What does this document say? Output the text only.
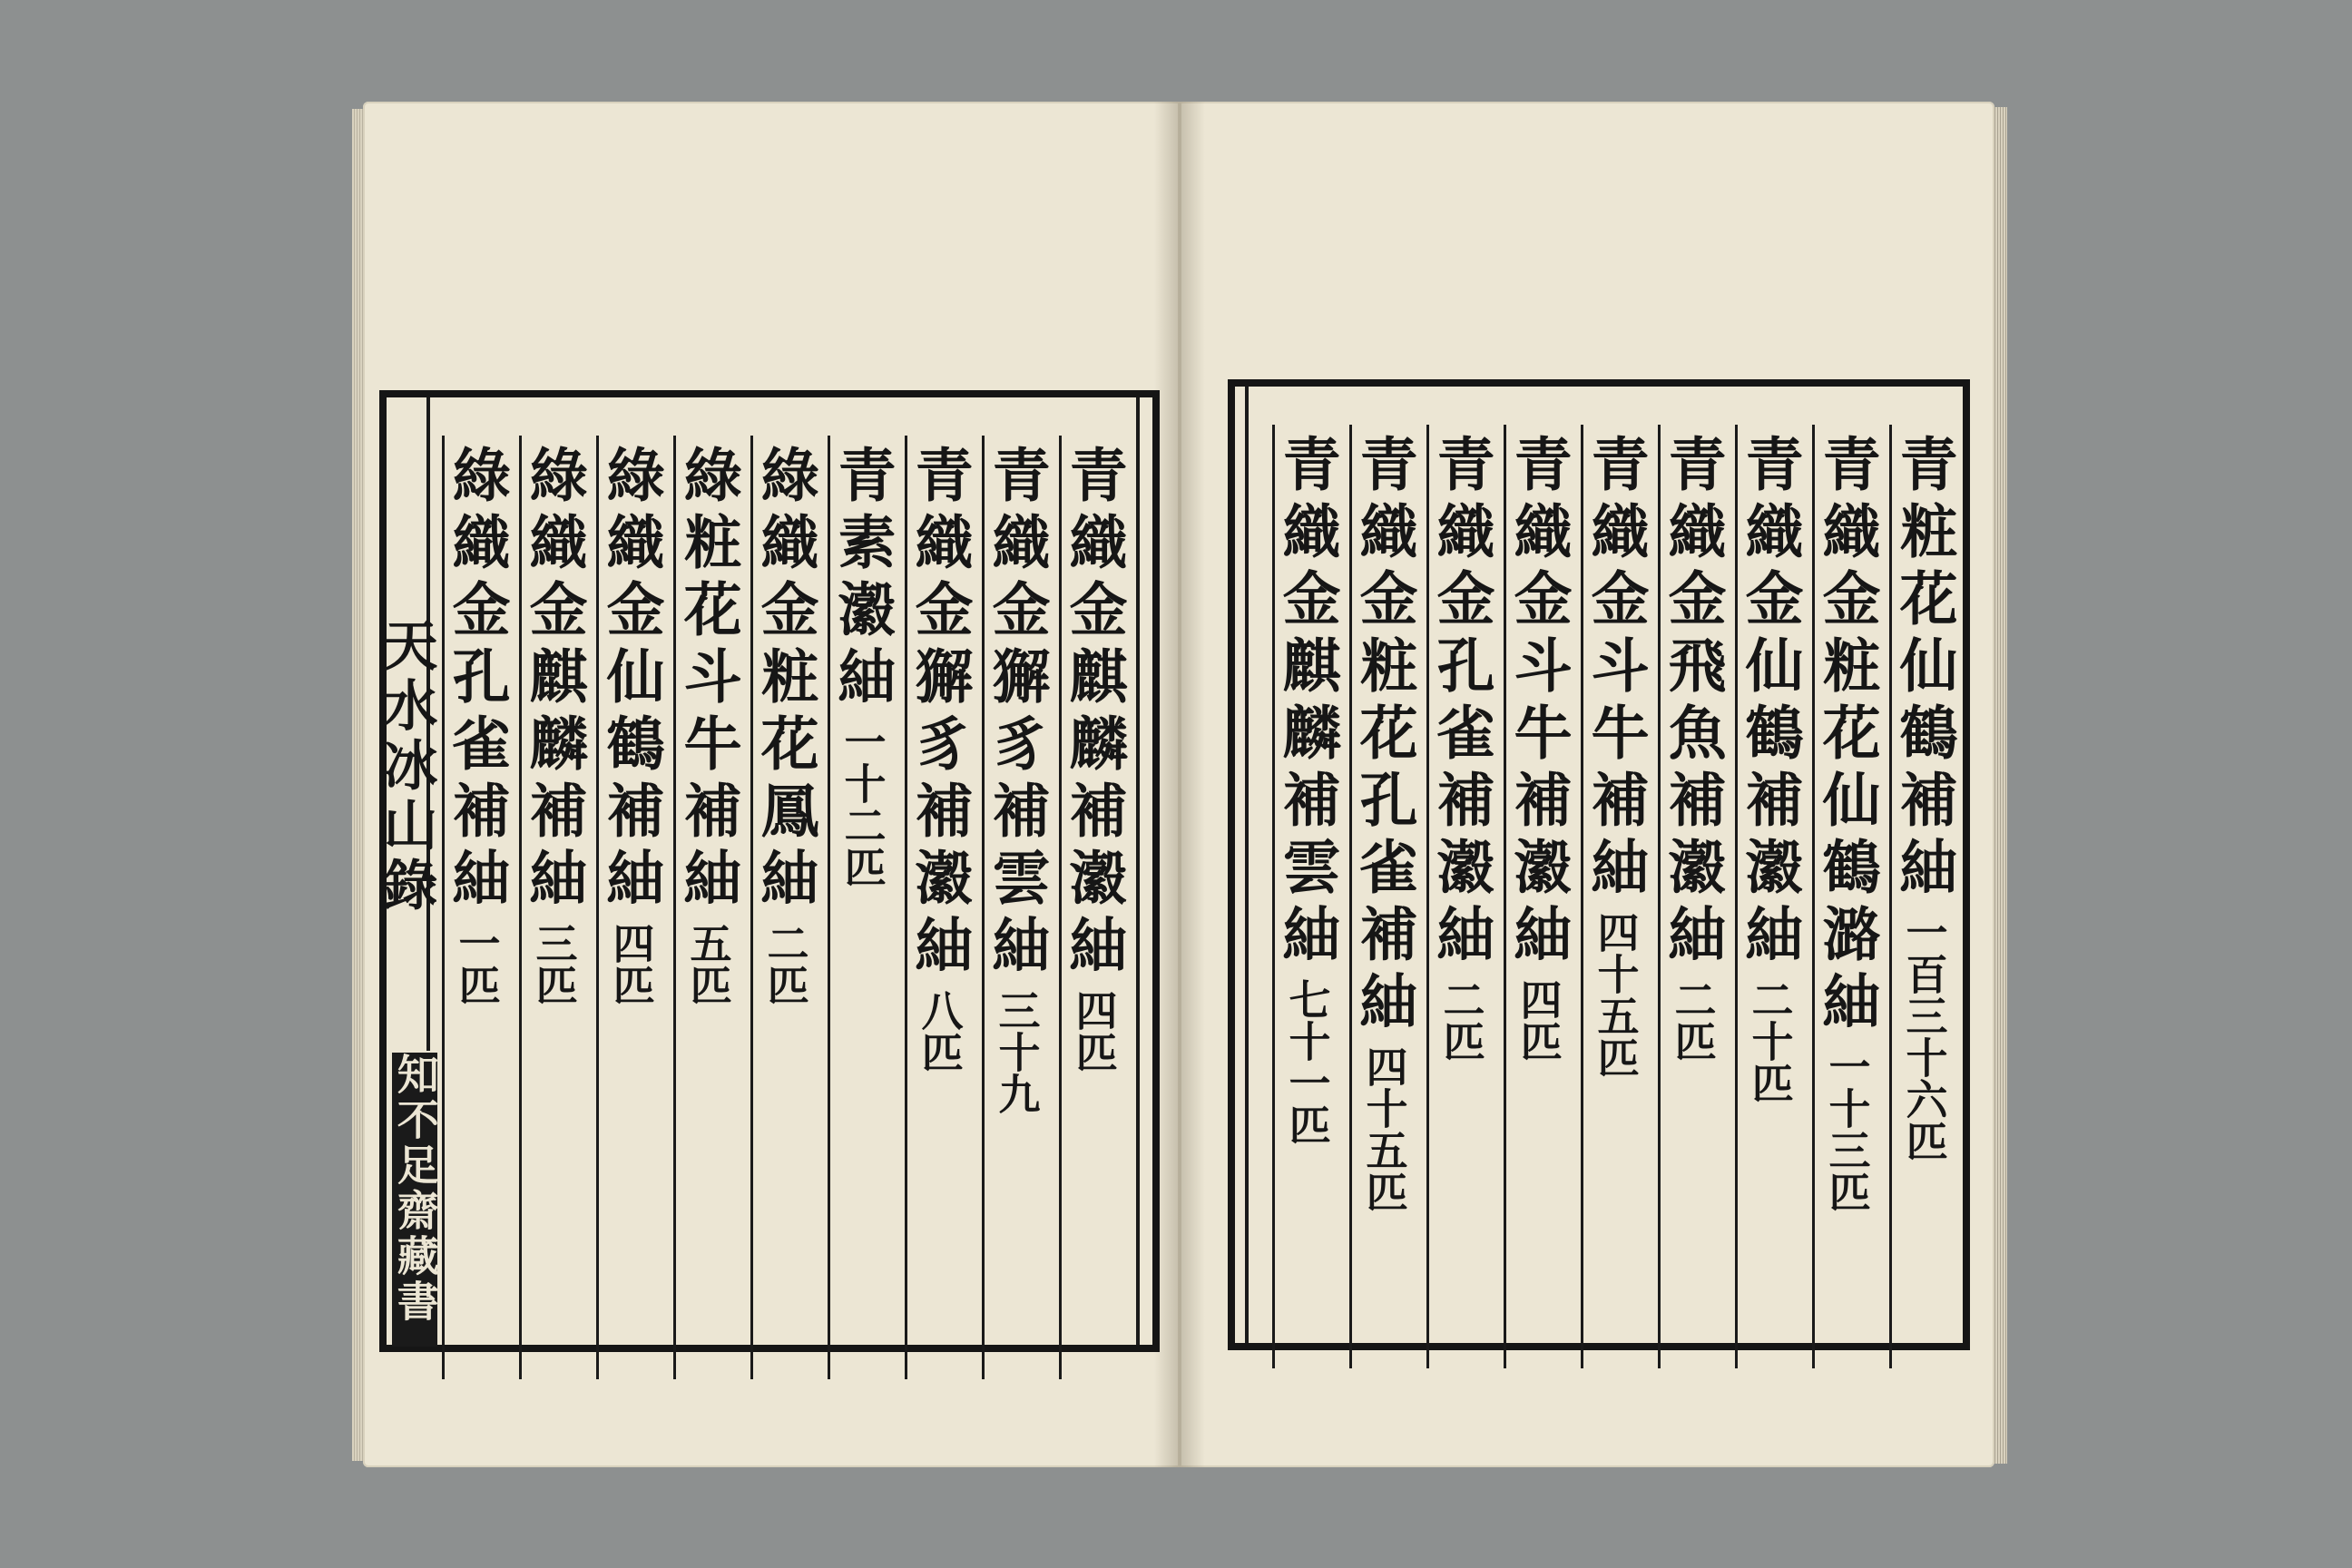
天水冰山錄
知不足齋藏書
青織金麒麟補瀫紬
四匹
青織金獬豸補雲紬
三十九
青織金獬豸補瀫紬
八匹
青素瀫紬
一十二匹
綠織金粧花鳳紬
二匹
綠粧花斗牛補紬
五匹
綠織金仙鶴補紬
四匹
綠織金麒麟補紬
三匹
綠織金孔雀補紬
一匹
青粧花仙鶴補紬
一百三十六匹
青織金粧花仙鶴潞紬
一十三匹
青織金仙鶴補瀫紬
二十匹
青織金飛魚補瀫紬
二匹
青織金斗牛補紬
四十五匹
青織金斗牛補瀫紬
四匹
青織金孔雀補瀫紬
二匹
青織金粧花孔雀補紬
四十五匹
青織金麒麟補雲紬
七十一匹
